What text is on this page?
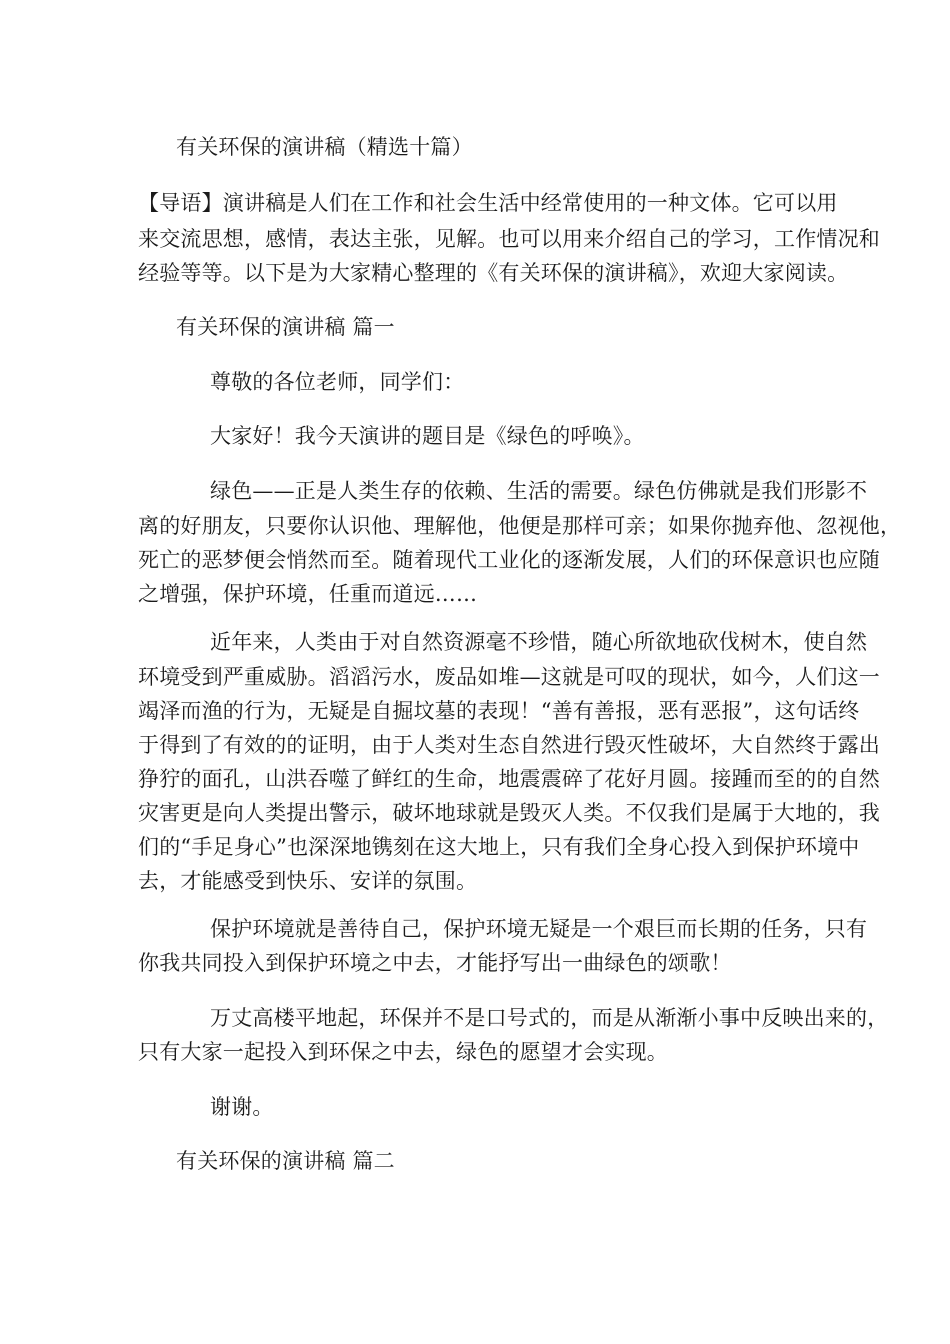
有关环保的演讲稿（精选十篇）
【导语】演讲稿是人们在工作和社会生活中经常使用的一种文体。它可以用
来交流思想，感情，表达主张，见解。也可以用来介绍自己的学习，工作情况和
经验等等。以下是为大家精心整理的《有关环保的演讲稿》，欢迎大家阅读。
有关环保的演讲稿 篇一
尊敬的各位老师，同学们：
大家好！我今天演讲的题目是《绿色的呼唤》。
绿色——正是人类生存的依赖、生活的需要。绿色仿佛就是我们形影不
离的好朋友，只要你认识他、理解他，他便是那样可亲；如果你抛弃他、忽视他，
死亡的恶梦便会悄然而至。随着现代工业化的逐渐发展，人们的环保意识也应随
之增强，保护环境，任重而道远……
近年来，人类由于对自然资源毫不珍惜，随心所欲地砍伐树木，使自然
环境受到严重威胁。滔滔污水，废品如堆—这就是可叹的现状，如今，人们这一
竭泽而渔的行为，无疑是自掘坟墓的表现！“善有善报，恶有恶报”，这句话终
于得到了有效的的证明，由于人类对生态自然进行毁灭性破坏，大自然终于露出
狰狞的面孔，山洪吞噬了鲜红的生命，地震震碎了花好月圆。接踵而至的的自然
灾害更是向人类提出警示，破坏地球就是毁灭人类。不仅我们是属于大地的，我
们的“手足身心”也深深地镌刻在这大地上，只有我们全身心投入到保护环境中
去，才能感受到快乐、安详的氛围。
保护环境就是善待自己，保护环境无疑是一个艰巨而长期的任务，只有
你我共同投入到保护环境之中去，才能抒写出一曲绿色的颂歌！
万丈高楼平地起，环保并不是口号式的，而是从渐渐小事中反映出来的，
只有大家一起投入到环保之中去，绿色的愿望才会实现。
谢谢。
有关环保的演讲稿 篇二
